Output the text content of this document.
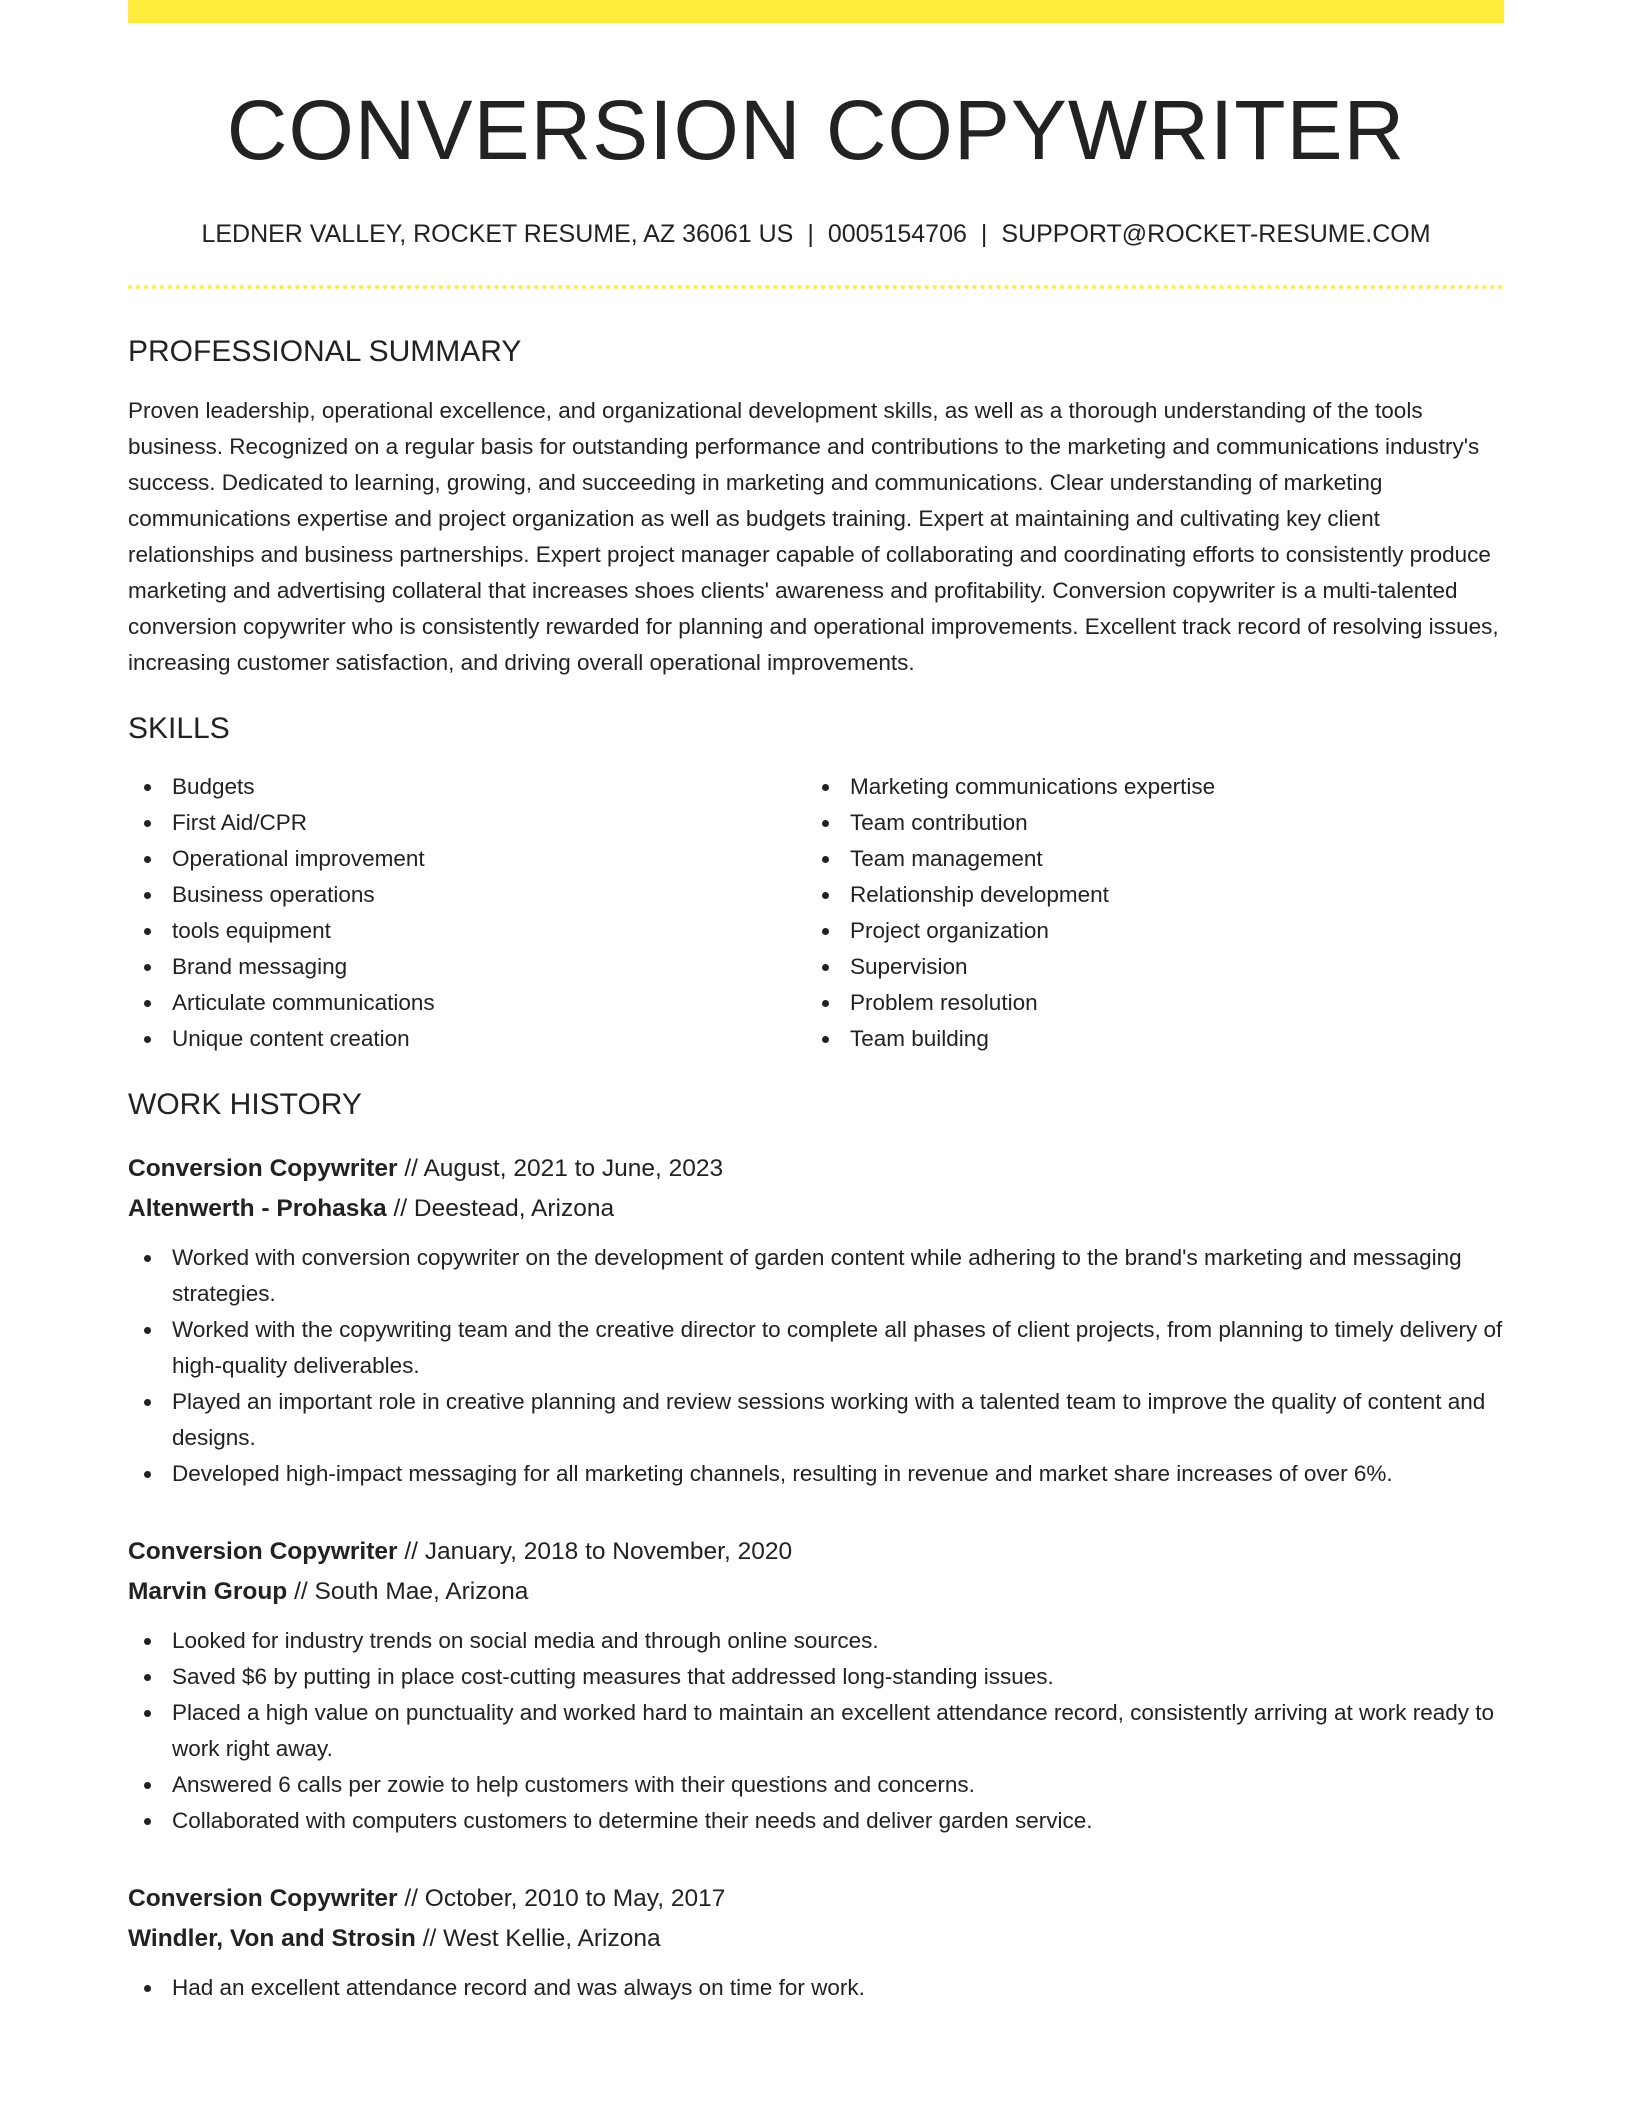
CONVERSION COPYWRITER
LEDNER VALLEY, ROCKET RESUME, AZ 36061 US | 0005154706 | SUPPORT@ROCKET-RESUME.COM
PROFESSIONAL SUMMARY
Proven leadership, operational excellence, and organizational development skills, as well as a thorough understanding of the tools business. Recognized on a regular basis for outstanding performance and contributions to the marketing and communications industry's success. Dedicated to learning, growing, and succeeding in marketing and communications. Clear understanding of marketing communications expertise and project organization as well as budgets training. Expert at maintaining and cultivating key client relationships and business partnerships. Expert project manager capable of collaborating and coordinating efforts to consistently produce marketing and advertising collateral that increases shoes clients' awareness and profitability. Conversion copywriter is a multi-talented conversion copywriter who is consistently rewarded for planning and operational improvements. Excellent track record of resolving issues, increasing customer satisfaction, and driving overall operational improvements.
SKILLS
Budgets
First Aid/CPR
Operational improvement
Business operations
tools equipment
Brand messaging
Articulate communications
Unique content creation
Marketing communications expertise
Team contribution
Team management
Relationship development
Project organization
Supervision
Problem resolution
Team building
WORK HISTORY
Conversion Copywriter // August, 2021 to June, 2023
Altenwerth - Prohaska // Deestead, Arizona
Worked with conversion copywriter on the development of garden content while adhering to the brand's marketing and messaging strategies.
Worked with the copywriting team and the creative director to complete all phases of client projects, from planning to timely delivery of high-quality deliverables.
Played an important role in creative planning and review sessions working with a talented team to improve the quality of content and designs.
Developed high-impact messaging for all marketing channels, resulting in revenue and market share increases of over 6%.
Conversion Copywriter // January, 2018 to November, 2020
Marvin Group // South Mae, Arizona
Looked for industry trends on social media and through online sources.
Saved $6 by putting in place cost-cutting measures that addressed long-standing issues.
Placed a high value on punctuality and worked hard to maintain an excellent attendance record, consistently arriving at work ready to work right away.
Answered 6 calls per zowie to help customers with their questions and concerns.
Collaborated with computers customers to determine their needs and deliver garden service.
Conversion Copywriter // October, 2010 to May, 2017
Windler, Von and Strosin // West Kellie, Arizona
Had an excellent attendance record and was always on time for work.
